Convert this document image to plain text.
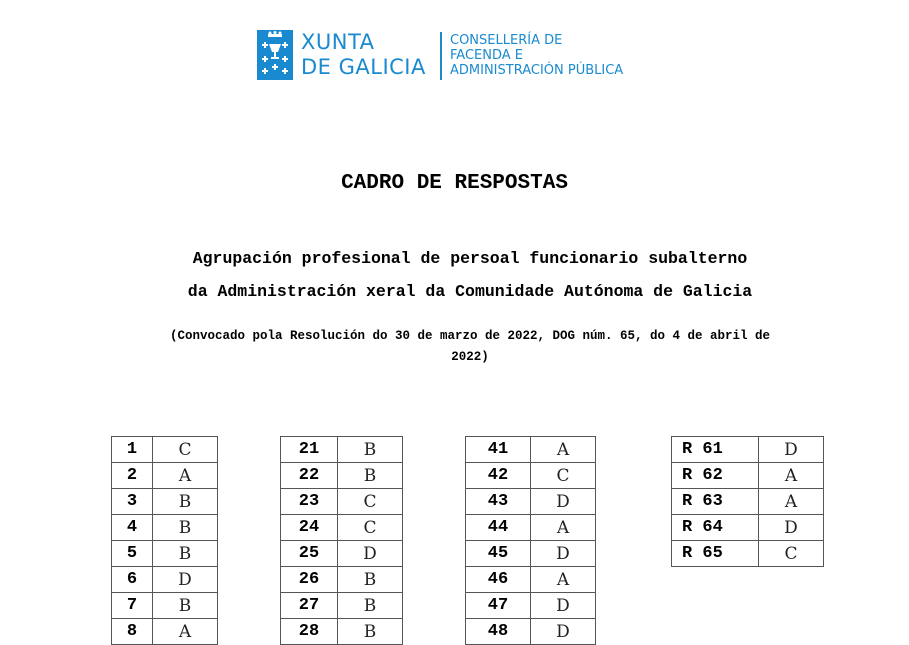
XUNTA
DE GALICIA
CONSELLERÍA DE
FACENDA E
ADMINISTRACIÓN PÚBLICA
CADRO DE RESPOSTAS
Agrupación profesional de persoal funcionario subalterno
da Administración xeral da Comunidade Autónoma de Galicia
(Convocado pola Resolución do 30 de marzo de 2022, DOG núm. 65, do 4 de abril de
2022)
1	C
2	A
3	B
4	B
5	B
6	D
7	B
8	A
21	B
22	B
23	C
24	C
25	D
26	B
27	B
28	B
41	A
42	C
43	D
44	A
45	D
46	A
47	D
48	D
R 61	D
R 62	A
R 63	A
R 64	D
R 65	C
